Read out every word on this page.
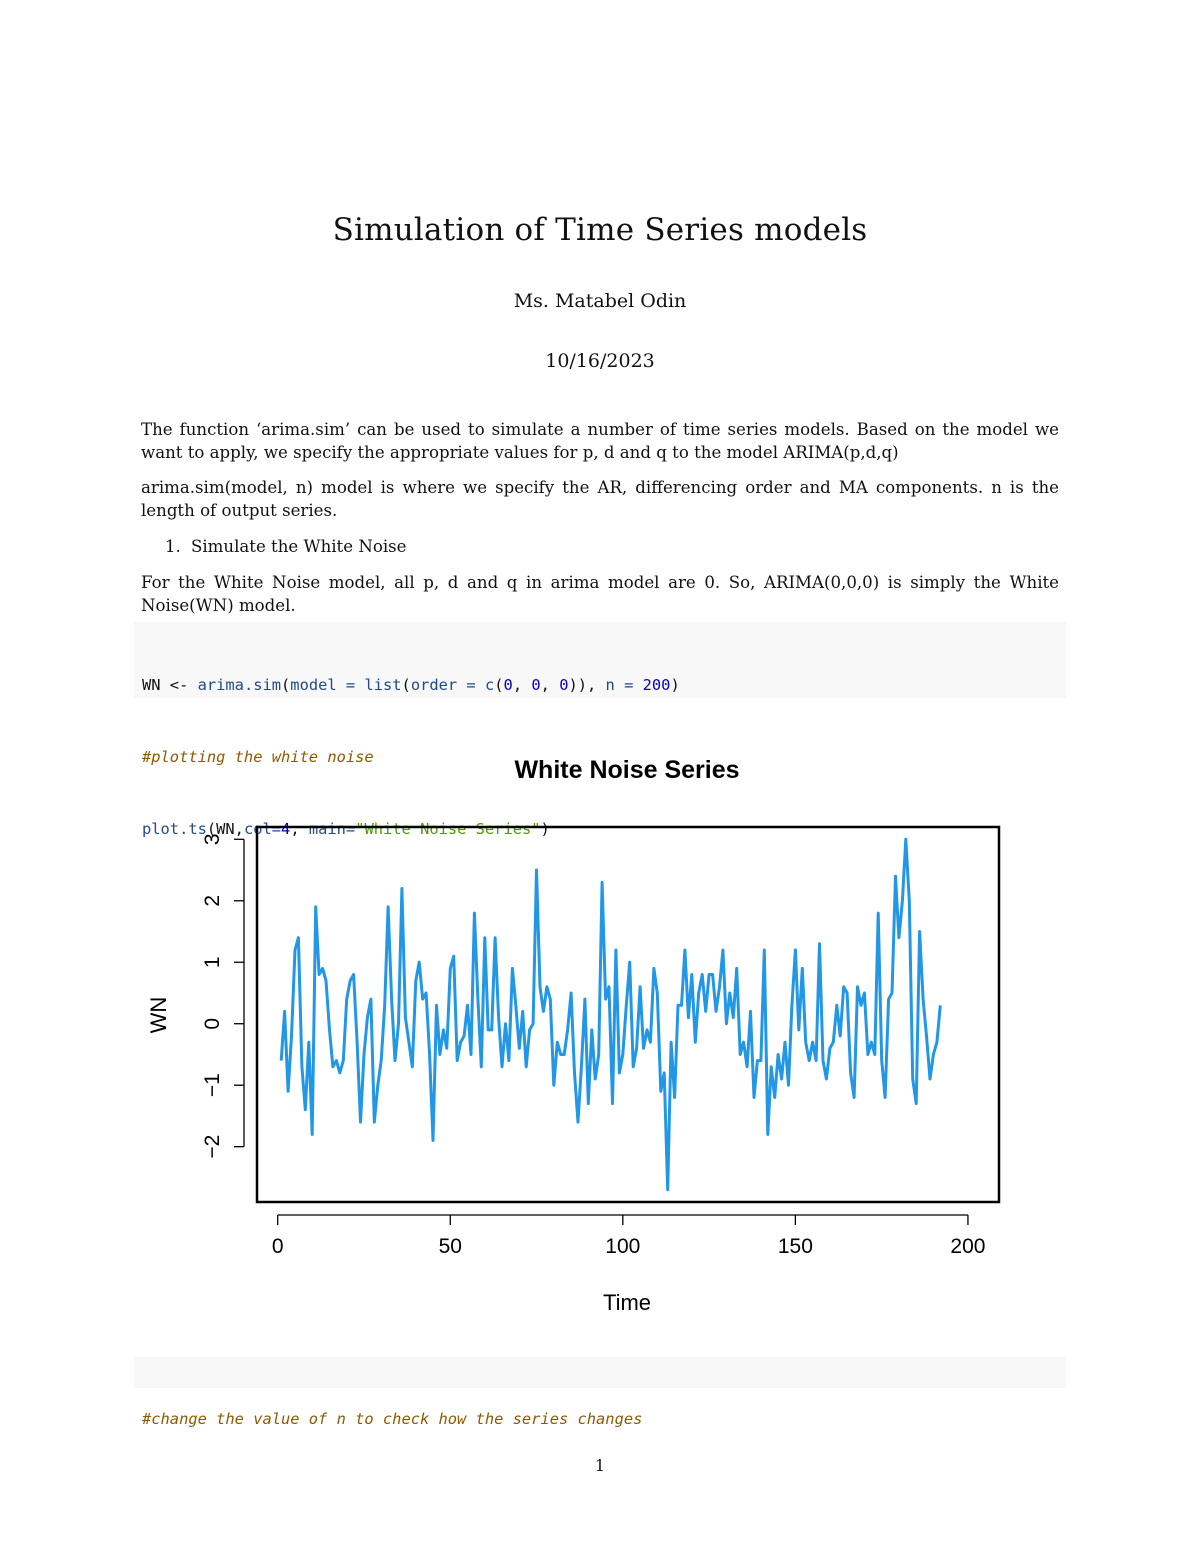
Simulation of Time Series models
Ms. Matabel Odin
10/16/2023

The function ‘arima.sim’ can be used to simulate a number of time series models. Based on the model we want to apply, we specify the appropriate values for p, d and q to the model ARIMA(p,d,q)

arima.sim(model, n) model is where we specify the AR, differencing order and MA components. n is the length of output series.

1. Simulate the White Noise

For the White Noise model, all p, d and q in arima model are 0. So, ARIMA(0,0,0) is simply the White Noise(WN) model.

WN <- arima.sim(model = list(order = c(0, 0, 0)), n = 200)

#plotting the white noise

plot.ts(WN,col=4, main="White Noise Series")

White Noise Series
0	50	100	150	200
−2
−1
0
1
2
3
Time
WN

#change the value of n to check how the series changes

1
